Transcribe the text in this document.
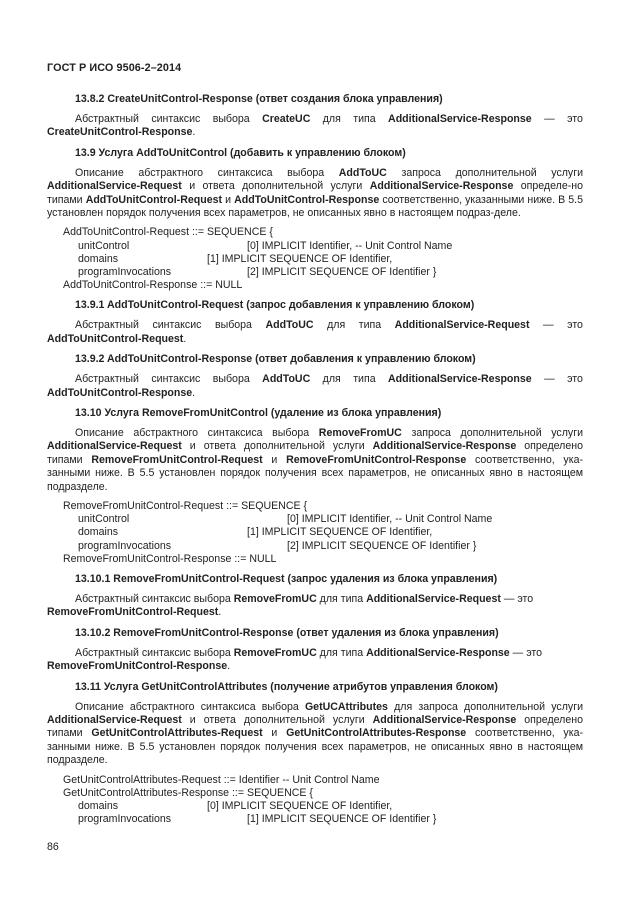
ГОСТ Р ИСО 9506-2–2014
13.8.2 CreateUnitControl-Response (ответ создания блока управления)
Абстрактный синтаксис выбора CreateUC для типа AdditionalService-Response — это
CreateUnitControl-Response.
13.9 Услуга AddToUnitControl (добавить к управлению блоком)
Описание абстрактного синтаксиса выбора AddToUC запроса дополнительной услуги AdditionalService-Request и ответа дополнительной услуги AdditionalService-Response определе-но типами AddToUnitControl-Request и AddToUnitControl-Response соответственно, указанными ниже. В 5.5 установлен порядок получения всех параметров, не описанных явно в настоящем подраз-деле.
AddToUnitControl-Request ::= SEQUENCE {
unitControl	[0] IMPLICIT Identifier, -- Unit Control Name
domains	[1] IMPLICIT SEQUENCE OF Identifier,
programInvocations	[2] IMPLICIT SEQUENCE OF Identifier }
AddToUnitControl-Response ::= NULL
13.9.1 AddToUnitControl-Request (запрос добавления к управлению блоком)
Абстрактный синтаксис выбора AddToUC для типа AdditionalService-Request — это
AddToUnitControl-Request.
13.9.2 AddToUnitControl-Response (ответ добавления к управлению блоком)
Абстрактный синтаксис выбора AddToUC для типа AdditionalService-Response — это
AddToUnitControl-Response.
13.10 Услуга RemoveFromUnitControl (удаление из блока управления)
Описание абстрактного синтаксиса выбора RemoveFromUC запроса дополнительной услуги AdditionalService-Request и ответа дополнительной услуги AdditionalService-Response определено типами RemoveFromUnitControl-Request и RemoveFromUnitControl-Response соответственно, ука-занными ниже. В 5.5 установлен порядок получения всех параметров, не описанных явно в настоящем подразделе.
RemoveFromUnitControl-Request ::= SEQUENCE {
unitControl	[0] IMPLICIT Identifier, -- Unit Control Name
domains	[1] IMPLICIT SEQUENCE OF Identifier,
programInvocations	[2] IMPLICIT SEQUENCE OF Identifier }
RemoveFromUnitControl-Response ::= NULL
13.10.1 RemoveFromUnitControl-Request (запрос удаления из блока управления)
Абстрактный синтаксис выбора RemoveFromUC для типа AdditionalService-Request — это
RemoveFromUnitControl-Request.
13.10.2 RemoveFromUnitControl-Response (ответ удаления из блока управления)
Абстрактный синтаксис выбора RemoveFromUC для типа AdditionalService-Response — это
RemoveFromUnitControl-Response.
13.11 Услуга GetUnitControlAttributes (получение атрибутов управления блоком)
Описание абстрактного синтаксиса выбора GetUCAttributes для запроса дополнительной услуги AdditionalService-Request и ответа дополнительной услуги AdditionalService-Response определено типами GetUnitControlAttributes-Request и GetUnitControlAttributes-Response соответственно, ука-занными ниже. В 5.5 установлен порядок получения всех параметров, не описанных явно в настоящем подразделе.
GetUnitControlAttributes-Request ::= Identifier -- Unit Control Name
GetUnitControlAttributes-Response ::= SEQUENCE {
domains	[0] IMPLICIT SEQUENCE OF Identifier,
programInvocations	[1] IMPLICIT SEQUENCE OF Identifier }
86
